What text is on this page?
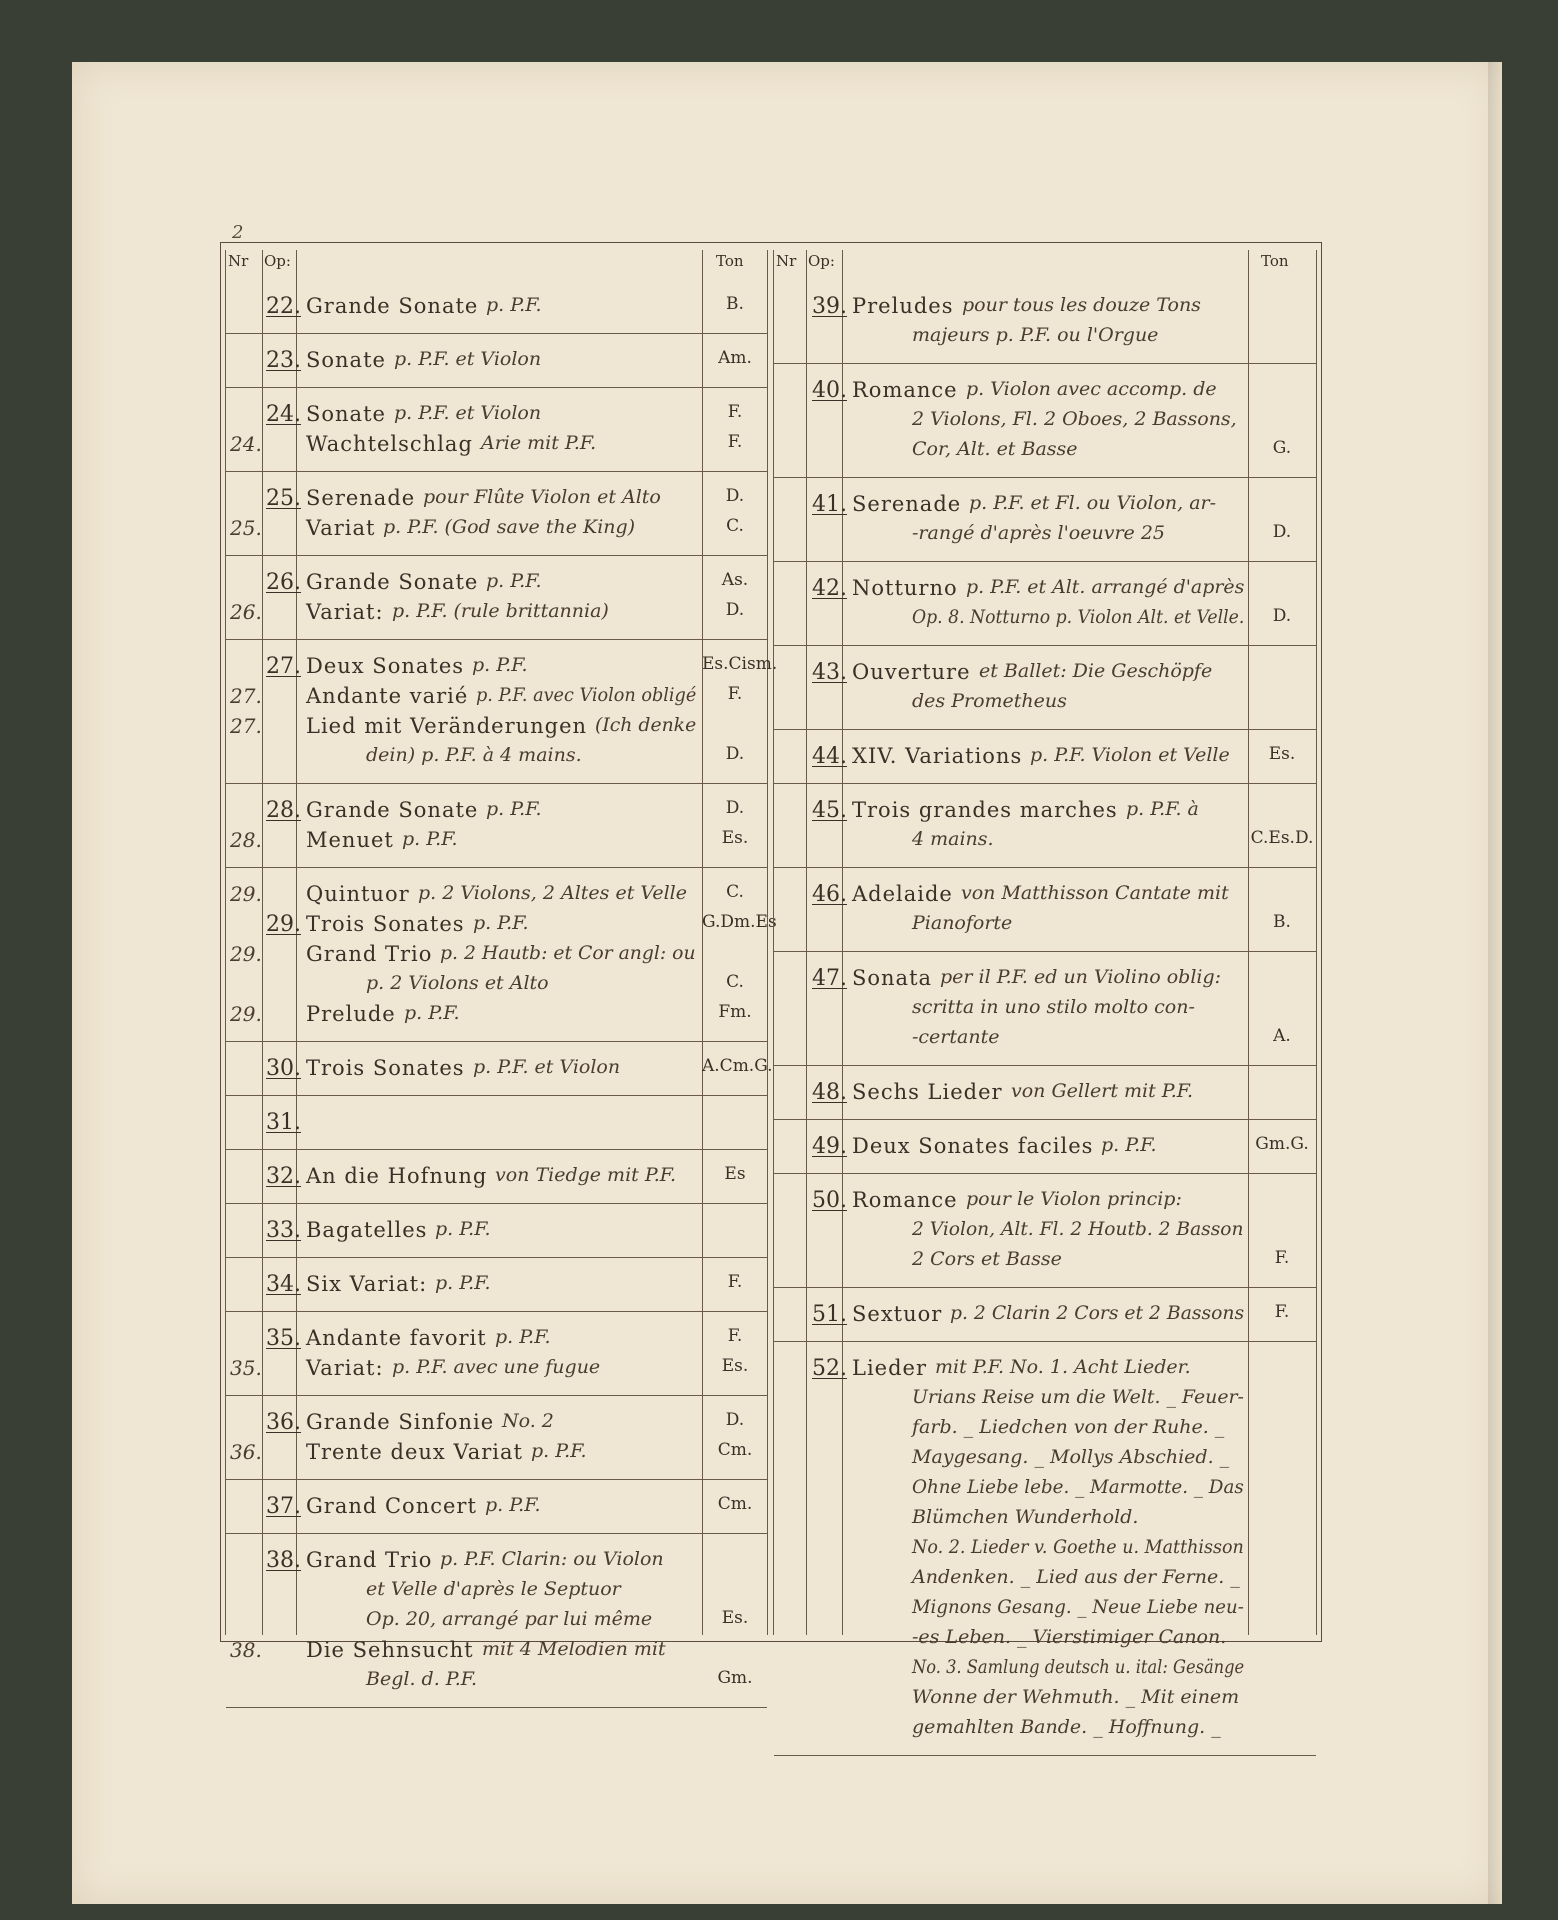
2
Nr Op:	Ton
22. Grande Sonate p. P.F.	B.
23. Sonate p. P.F. et Violon	Am.
24. Sonate p. P.F. et Violon	F.
24. Wachtelschlag Arie mit P.F.	F.
25. Serenade pour Flûte Violon et Alto	D.
25. Variat p. P.F. (God save the King)	C.
26. Grande Sonate p. P.F.	As.
26. Variat: p. P.F. (rule brittannia)	D.
27. Deux Sonates p. P.F.	Es.Cism.
27. Andante varié p. P.F. avec Violon obligé	F.
27. Lied mit Veränderungen (Ich denke
dein) p. P.F. à 4 mains.	D.
28. Grande Sonate p. P.F.	D.
28. Menuet p. P.F.	Es.
29. Quintuor p. 2 Violons, 2 Altes et Velle	C.
29. Trois Sonates p. P.F.	G.Dm.Es
29. Grand Trio p. 2 Hautb: et Cor angl: ou
p. 2 Violons et Alto	C.
29. Prelude p. P.F.	Fm.
30. Trois Sonates p. P.F. et Violon	A.Cm.G.
31.
32. An die Hofnung von Tiedge mit P.F.	Es
33. Bagatelles p. P.F.
34. Six Variat: p. P.F.	F.
35. Andante favorit p. P.F.	F.
35. Variat: p. P.F. avec une fugue	Es.
36. Grande Sinfonie No. 2	D.
36. Trente deux Variat p. P.F.	Cm.
37. Grand Concert p. P.F.	Cm.
38. Grand Trio p. P.F. Clarin: ou Violon
et Velle d'après le Septuor
Op. 20, arrangé par lui même	Es.
38. Die Sehnsucht mit 4 Melodien mit
Begl. d. P.F.	Gm.
Nr Op:	Ton
39. Preludes pour tous les douze Tons
majeurs p. P.F. ou l'Orgue
40. Romance p. Violon avec accomp. de
2 Violons, Fl. 2 Oboes, 2 Bassons,
Cor, Alt. et Basse	G.
41. Serenade p. P.F. et Fl. ou Violon, ar-
-rangé d'après l'oeuvre 25	D.
42. Notturno p. P.F. et Alt. arrangé d'après
Op. 8. Notturno p. Violon Alt. et Velle.	D.
43. Ouverture et Ballet: Die Geschöpfe
des Prometheus
44. XIV. Variations p. P.F. Violon et Velle	Es.
45. Trois grandes marches p. P.F. à
4 mains.	C.Es.D.
46. Adelaide von Matthisson Cantate mit
Pianoforte	B.
47. Sonata per il P.F. ed un Violino oblig:
scritta in uno stilo molto con-
-certante	A.
48. Sechs Lieder von Gellert mit P.F.
49. Deux Sonates faciles p. P.F.	Gm.G.
50. Romance pour le Violon princip:
2 Violon, Alt. Fl. 2 Houtb. 2 Basson
2 Cors et Basse	F.
51. Sextuor p. 2 Clarin 2 Cors et 2 Bassons	F.
52. Lieder mit P.F. No. 1. Acht Lieder.
Urians Reise um die Welt. _ Feuer-
farb. _ Liedchen von der Ruhe. _
Maygesang. _ Mollys Abschied. _
Ohne Liebe lebe. _ Marmotte. _ Das
Blümchen Wunderhold.
No. 2. Lieder v. Goethe u. Matthisson
Andenken. _ Lied aus der Ferne. _
Mignons Gesang. _ Neue Liebe neu-
-es Leben. _ Vierstimiger Canon.
No. 3. Samlung deutsch u. ital: Gesänge
Wonne der Wehmuth. _ Mit einem
gemahlten Bande. _ Hoffnung. _
